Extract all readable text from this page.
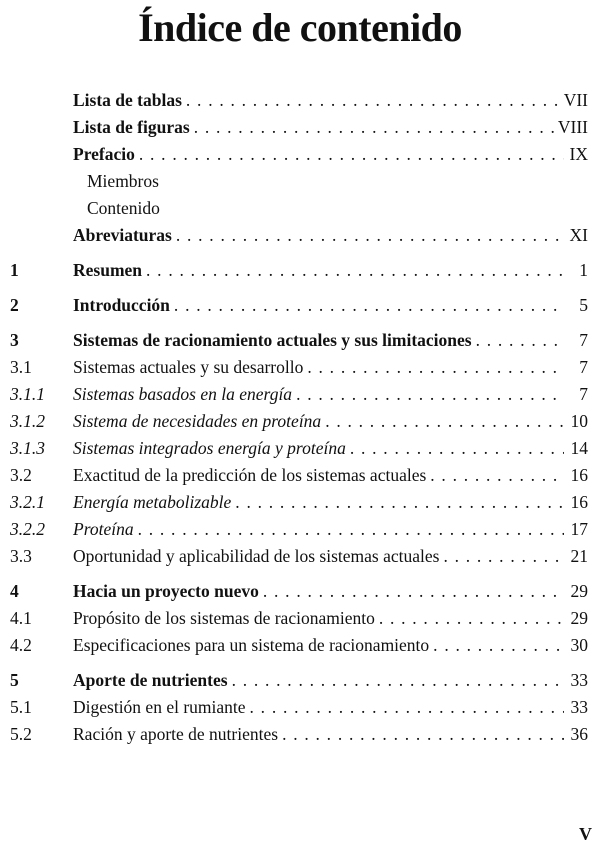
Índice de contenido
Lista de tablas . . .	VII
Lista de figuras . . .	VIII
Prefacio . . .	IX
Miembros
Contenido
Abreviaturas . . .	XI
1	Resumen . . .	1
2	Introducción . . .	5
3	Sistemas de racionamiento actuales y sus limitaciones . . .	7
3.1	Sistemas actuales y su desarrollo . . .	7
3.1.1	Sistemas basados en la energía . . .	7
3.1.2	Sistema de necesidades en proteína . . .	10
3.1.3	Sistemas integrados energía y proteína . . .	14
3.2	Exactitud de la predicción de los sistemas actuales . . .	16
3.2.1	Energía metabolizable . . .	16
3.2.2	Proteína . . .	17
3.3	Oportunidad y aplicabilidad de los sistemas actuales . . .	21
4	Hacia un proyecto nuevo . . .	29
4.1	Propósito de los sistemas de racionamiento . . .	29
4.2	Especificaciones para un sistema de racionamiento . . .	30
5	Aporte de nutrientes . . .	33
5.1	Digestión en el rumiante . . .	33
5.2	Ración y aporte de nutrientes . . .	36
V
